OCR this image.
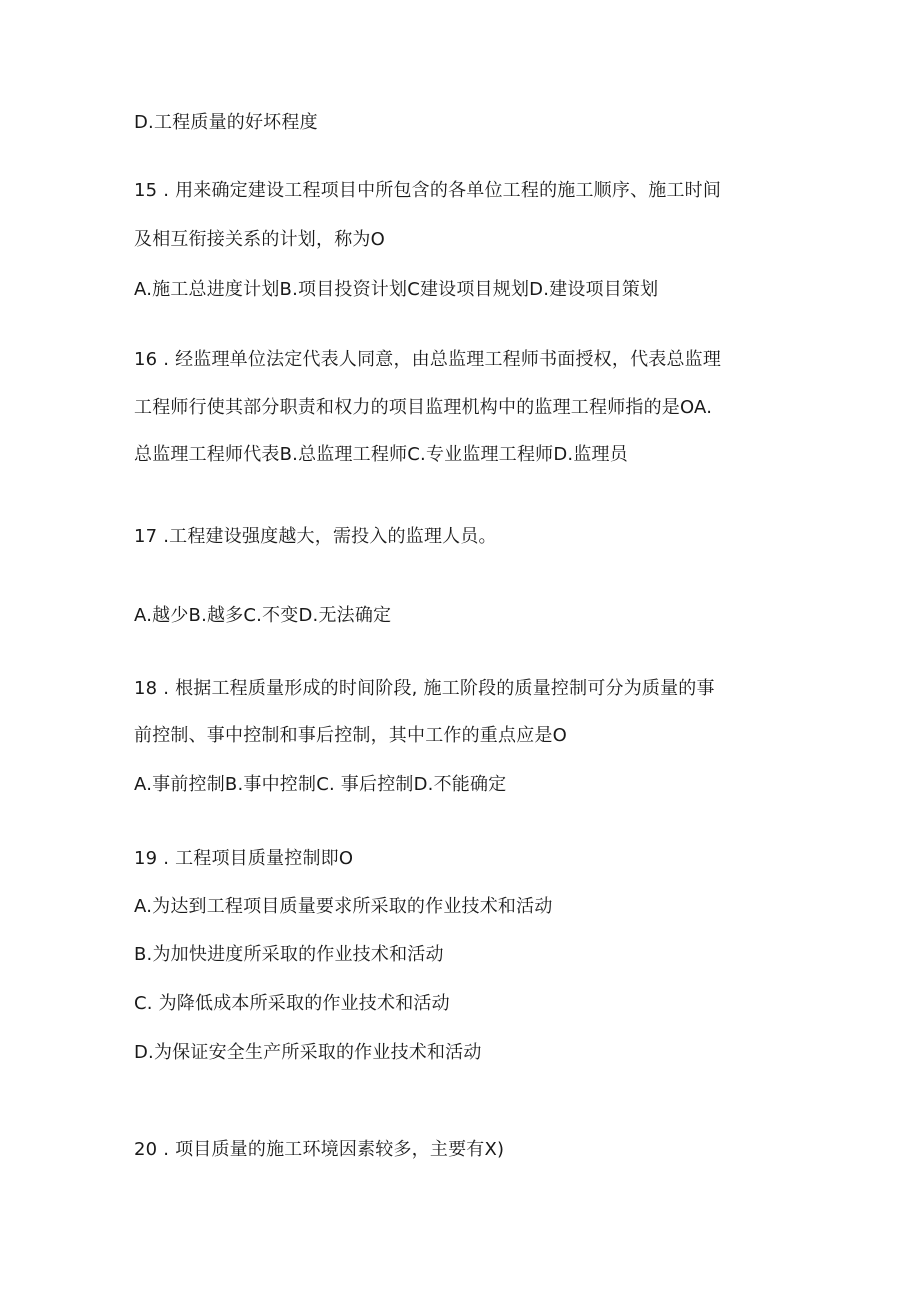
D.工程质量的好坏程度
15 . 用来确定建设工程项目中所包含的各单位工程的施工顺序、施工时间
及相互衔接关系的计划，称为O
A.施工总进度计划B.项目投资计划C建设项目规划D.建设项目策划
16 . 经监理单位法定代表人同意，由总监理工程师书面授权，代表总监理
工程师行使其部分职责和权力的项目监理机构中的监理工程师指的是OA.
总监理工程师代表B.总监理工程师C.专业监理工程师D.监理员
17 .工程建设强度越大，需投入的监理人员。
A.越少B.越多C.不变D.无法确定
18 . 根据工程质量形成的时间阶段, 施工阶段的质量控制可分为质量的事
前控制、事中控制和事后控制，其中工作的重点应是O
A.事前控制B.事中控制C. 事后控制D.不能确定
19 . 工程项目质量控制即O
A.为达到工程项目质量要求所采取的作业技术和活动
B.为加快进度所采取的作业技术和活动
C. 为降低成本所采取的作业技术和活动
D.为保证安全生产所采取的作业技术和活动
20 . 项目质量的施工环境因素较多，主要有X)
